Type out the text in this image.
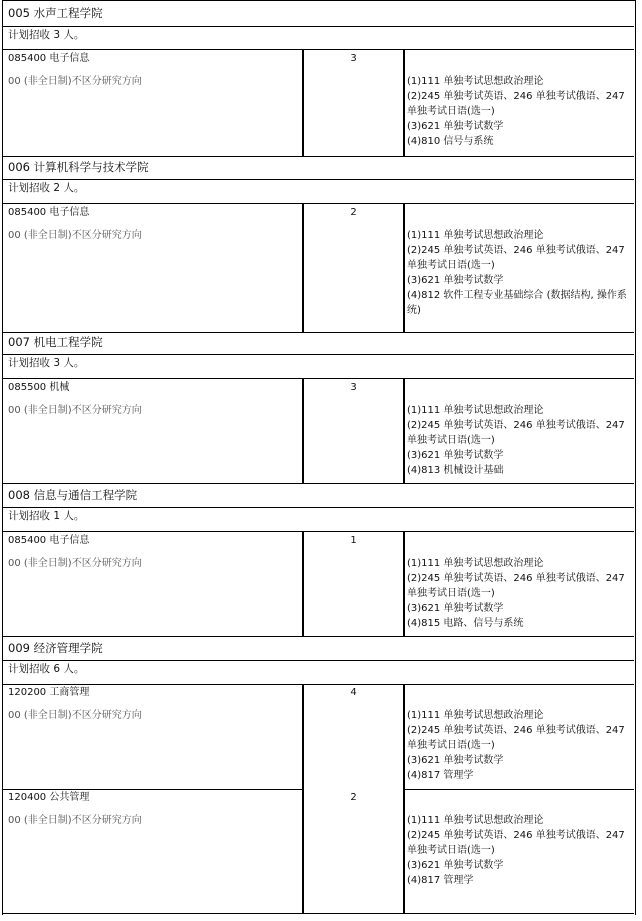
005 水声工程学院
计划招收 3 人。
085400 电子信息
00 (非全日制)不区分研究方向
3
(1)111 单独考试思想政治理论
(2)245 单独考试英语、246 单独考试俄语、247 单独考试日语(选一)
(3)621 单独考试数学
(4)810 信号与系统
006 计算机科学与技术学院
计划招收 2 人。
085400 电子信息
00 (非全日制)不区分研究方向
2
(1)111 单独考试思想政治理论
(2)245 单独考试英语、246 单独考试俄语、247 单独考试日语(选一)
(3)621 单独考试数学
(4)812 软件工程专业基础综合 (数据结构, 操作系统)
007 机电工程学院
计划招收 3 人。
085500 机械
00 (非全日制)不区分研究方向
3
(1)111 单独考试思想政治理论
(2)245 单独考试英语、246 单独考试俄语、247 单独考试日语(选一)
(3)621 单独考试数学
(4)813 机械设计基础
008 信息与通信工程学院
计划招收 1 人。
085400 电子信息
00 (非全日制)不区分研究方向
1
(1)111 单独考试思想政治理论
(2)245 单独考试英语、246 单独考试俄语、247 单独考试日语(选一)
(3)621 单独考试数学
(4)815 电路、信号与系统
009 经济管理学院
计划招收 6 人。
120200 工商管理
00 (非全日制)不区分研究方向
4
(1)111 单独考试思想政治理论
(2)245 单独考试英语、246 单独考试俄语、247 单独考试日语(选一)
(3)621 单独考试数学
(4)817 管理学
120400 公共管理
00 (非全日制)不区分研究方向
2
(1)111 单独考试思想政治理论
(2)245 单独考试英语、246 单独考试俄语、247 单独考试日语(选一)
(3)621 单独考试数学
(4)817 管理学
